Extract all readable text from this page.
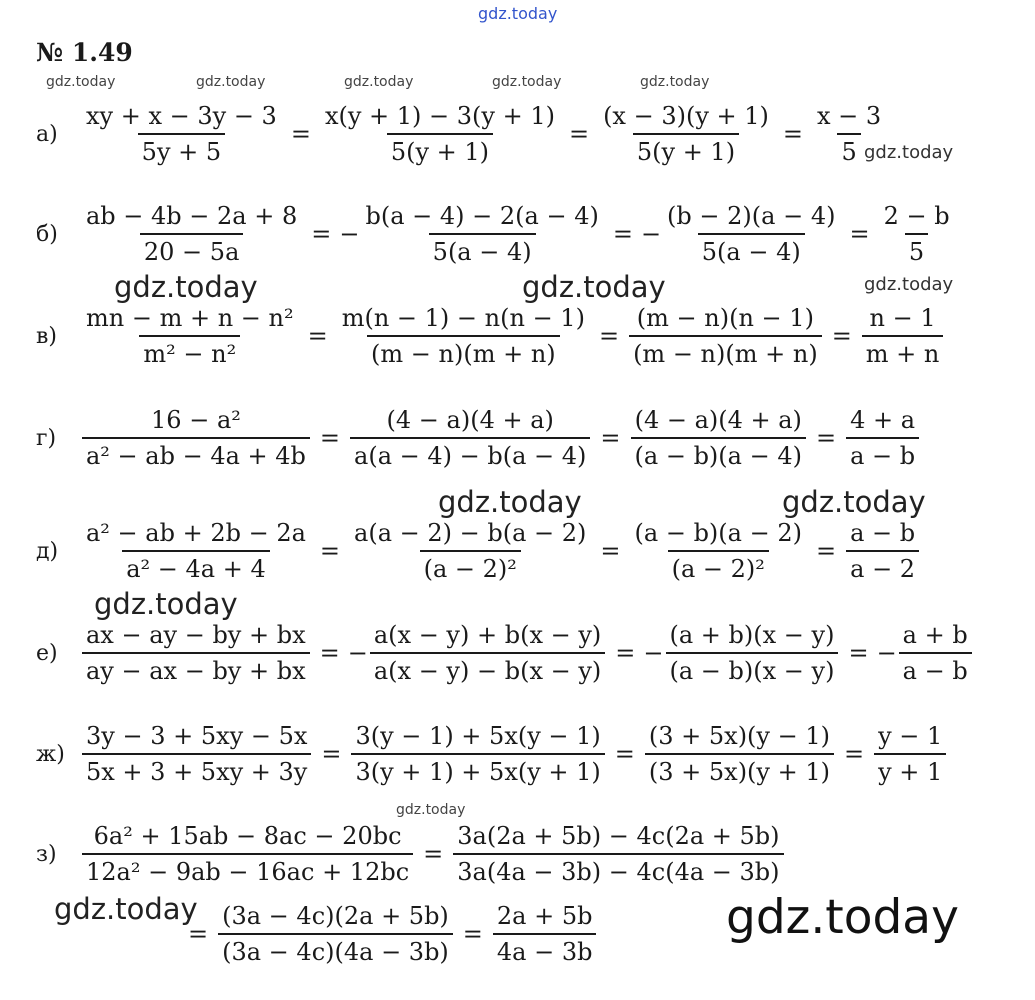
gdz.today
gdz.today	gdz.today	gdz.today	gdz.today	gdz.today
gdz.today
gdz.today
gdz.today
gdz.today	gdz.today
gdz.today	gdz.today
gdz.today
gdz.today	gdz.today
№ 1.49
а)	$\frac{xy + x - 3y - 3}{5y + 5} = \frac{x(y + 1) - 3(y + 1)}{5(y + 1)} = \frac{(x - 3)(y + 1)}{5(y + 1)} = \frac{x - 3}{5}$
б)	$\frac{ab - 4b - 2a + 8}{20 - 5a}$ = − $\frac{b(a - 4) - 2(a - 4)}{5(a - 4)}$ = − $\frac{(b - 2)(a - 4)}{5(a - 4)} = \frac{2 - b}{5}$
в)	$\frac{\text{mn − m + n − n²}}{\text{m² − n²}} = \frac{m(n - 1) - n(n - 1)}{(m - n)(m + n)} = \frac{(m - n)(n - 1)}{(m - n)(m + n)} = \frac{n - 1}{m + n}$
г)	$\frac{\text{16 − a²}}{\text{a² − ab − 4a + 4b}} = \frac{(4 - a)(4 + a)}{a(a - 4) - b(a - 4)} = \frac{(4 - a)(4 + a)}{(a - b)(a - 4)} = \frac{4 + a}{a - b}$
$д) \frac{\text{a² − ab + 2b − 2a}}{\text{a² − 4a + 4}} = \frac{a(a - 2) - b(a - 2)}{\text{(a − 2)²}} = \frac{(a - b)(a - 2)}{\text{(a − 2)²}} = \frac{a - b}{a - 2}$
е)	$\frac{ax - ay - by + bx}{ay - ax - by + bx}$ = − $\frac{a(x - y) + b(x - y)}{a(x - y) - b(x - y)}$ = − $\frac{(a + b)(x - y)}{(a - b)(x - y)}$ = − $\frac{a + b}{a - b}$
$ж) \frac{3y - 3 + 5xy - 5x}{5x + 3 + 5xy + 3y} = \frac{3(y - 1) + 5x(y - 1)}{3(y + 1) + 5x(y + 1)} = \frac{(3 + 5x)(y - 1)}{(3 + 5x)(y + 1)} = \frac{y - 1}{y + 1}$
з)	$\frac{\text{6a² + 15ab − 8ac − 20bc}}{\text{12a² − 9ab − 16ac + 12bc}} = \frac{3a(2a + 5b) - 4c(2a + 5b)}{3a(4a - 3b) - 4c(4a - 3b)}$
= $\frac{(3a - 4c)(2a + 5b)}{(3a - 4c)(4a - 3b)} = \frac{2a + 5b}{4a - 3b}$
